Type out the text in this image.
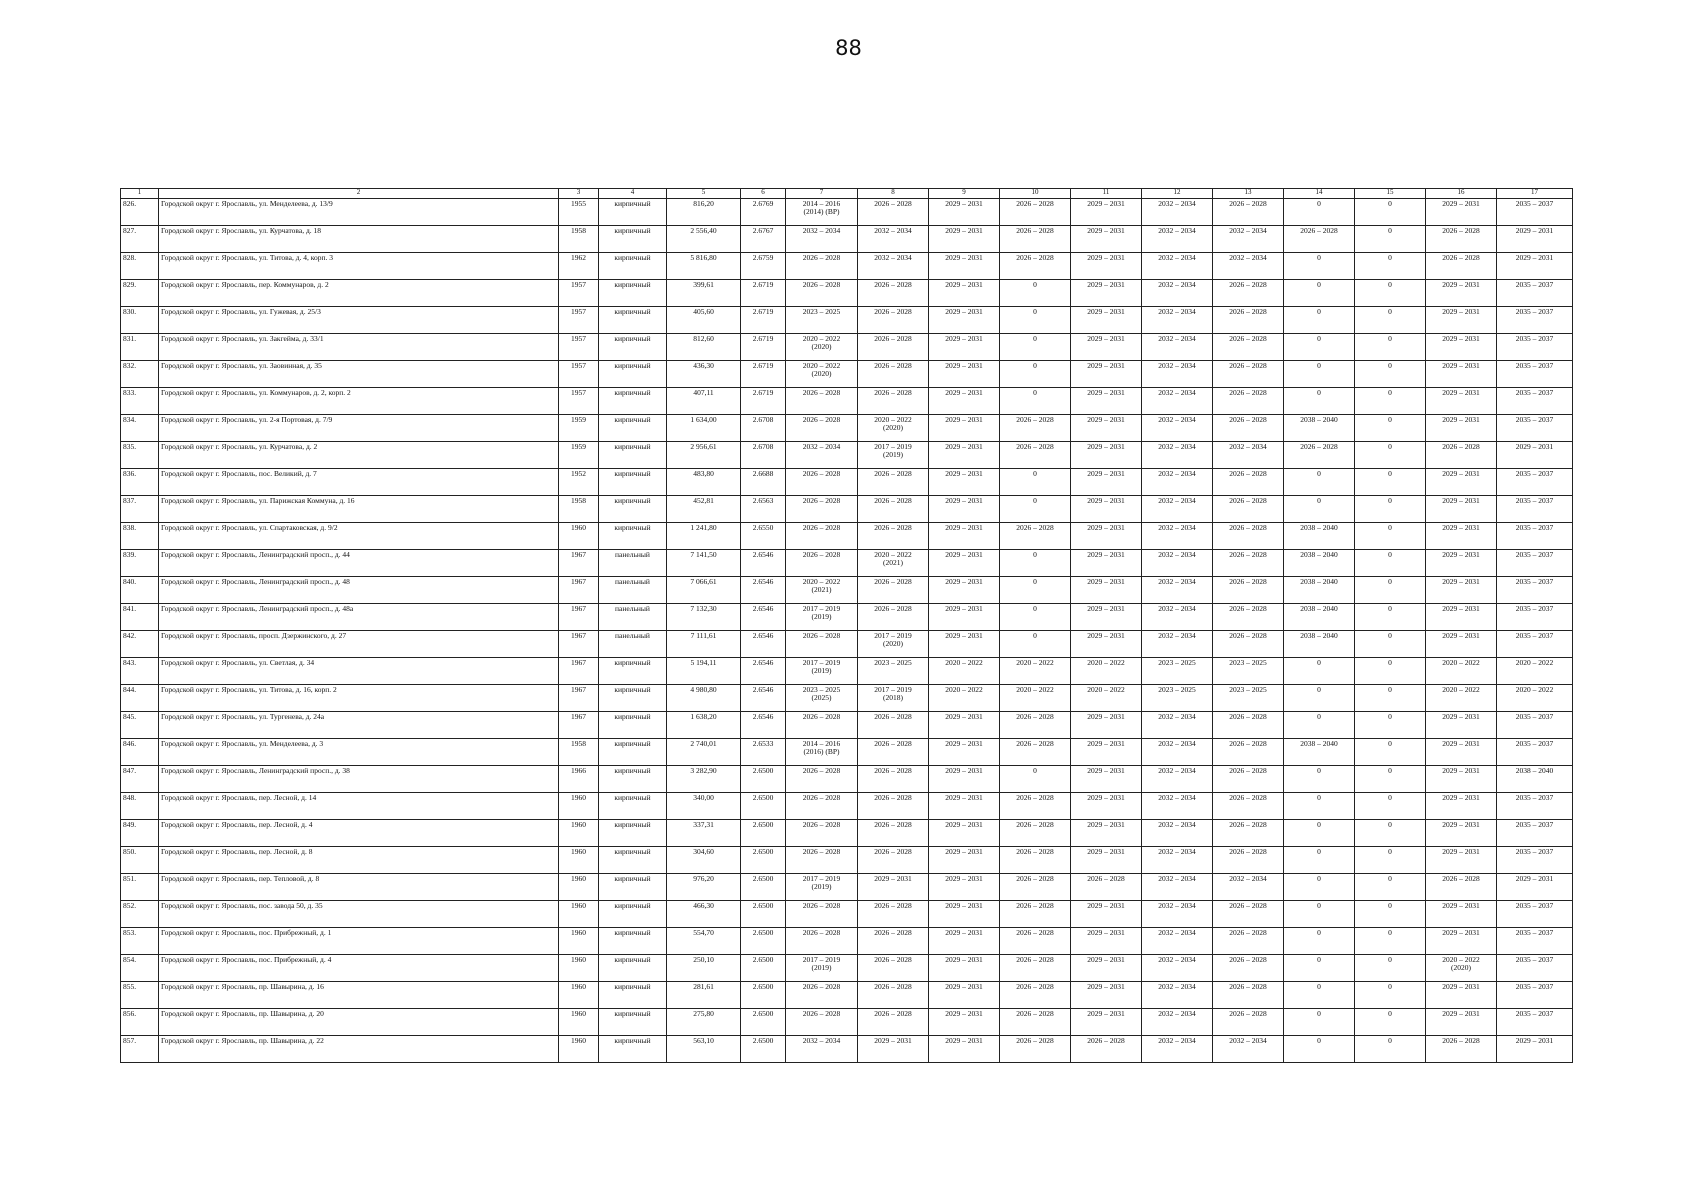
88
1	2	3	4	5	6	7	8	9	10	11	12	13	14	15	16	17
826.	Городской округ г. Ярославль, ул. Менделеева, д. 13/9	1955	кирпичный	816,20	2.6769	2014 – 2016
(2014) (ВР)	2026 – 2028	2029 – 2031	2026 – 2028	2029 – 2031	2032 – 2034	2026 – 2028	0	0	2029 – 2031	2035 – 2037
827.	Городской округ г. Ярославль, ул. Курчатова, д. 18	1958	кирпичный	2 556,40	2.6767	2032 – 2034	2032 – 2034	2029 – 2031	2026 – 2028	2029 – 2031	2032 – 2034	2032 – 2034	2026 – 2028	0	2026 – 2028	2029 – 2031
828.	Городской округ г. Ярославль, ул. Титова, д. 4, корп. 3	1962	кирпичный	5 816,80	2.6759	2026 – 2028	2032 – 2034	2029 – 2031	2026 – 2028	2029 – 2031	2032 – 2034	2032 – 2034	0	0	2026 – 2028	2029 – 2031
829.	Городской округ г. Ярославль, пер. Коммунаров, д. 2	1957	кирпичный	399,61	2.6719	2026 – 2028	2026 – 2028	2029 – 2031	0	2029 – 2031	2032 – 2034	2026 – 2028	0	0	2029 – 2031	2035 – 2037
830.	Городской округ г. Ярославль, ул. Гужевая, д. 25/3	1957	кирпичный	405,60	2.6719	2023 – 2025	2026 – 2028	2029 – 2031	0	2029 – 2031	2032 – 2034	2026 – 2028	0	0	2029 – 2031	2035 – 2037
831.	Городской округ г. Ярославль, ул. Закгейма, д. 33/1	1957	кирпичный	812,60	2.6719	2020 – 2022
(2020)	2026 – 2028	2029 – 2031	0	2029 – 2031	2032 – 2034	2026 – 2028	0	0	2029 – 2031	2035 – 2037
832.	Городской округ г. Ярославль, ул. Заовинная, д. 35	1957	кирпичный	436,30	2.6719	2020 – 2022
(2020)	2026 – 2028	2029 – 2031	0	2029 – 2031	2032 – 2034	2026 – 2028	0	0	2029 – 2031	2035 – 2037
833.	Городской округ г. Ярославль, ул. Коммунаров, д. 2, корп. 2	1957	кирпичный	407,11	2.6719	2026 – 2028	2026 – 2028	2029 – 2031	0	2029 – 2031	2032 – 2034	2026 – 2028	0	0	2029 – 2031	2035 – 2037
834.	Городской округ г. Ярославль, ул. 2-я Портовая, д. 7/9	1959	кирпичный	1 634,00	2.6708	2026 – 2028	2020 – 2022
(2020)	2029 – 2031	2026 – 2028	2029 – 2031	2032 – 2034	2026 – 2028	2038 – 2040	0	2029 – 2031	2035 – 2037
835.	Городской округ г. Ярославль, ул. Курчатова, д. 2	1959	кирпичный	2 956,61	2.6708	2032 – 2034	2017 – 2019
(2019)	2029 – 2031	2026 – 2028	2029 – 2031	2032 – 2034	2032 – 2034	2026 – 2028	0	2026 – 2028	2029 – 2031
836.	Городской округ г. Ярославль, пос. Великий, д. 7	1952	кирпичный	483,80	2.6688	2026 – 2028	2026 – 2028	2029 – 2031	0	2029 – 2031	2032 – 2034	2026 – 2028	0	0	2029 – 2031	2035 – 2037
837.	Городской округ г. Ярославль, ул. Парижская Коммуна, д. 16	1958	кирпичный	452,81	2.6563	2026 – 2028	2026 – 2028	2029 – 2031	0	2029 – 2031	2032 – 2034	2026 – 2028	0	0	2029 – 2031	2035 – 2037
838.	Городской округ г. Ярославль, ул. Спартаковская, д. 9/2	1960	кирпичный	1 241,80	2.6550	2026 – 2028	2026 – 2028	2029 – 2031	2026 – 2028	2029 – 2031	2032 – 2034	2026 – 2028	2038 – 2040	0	2029 – 2031	2035 – 2037
839.	Городской округ г. Ярославль, Ленинградский просп., д. 44	1967	панельный	7 141,50	2.6546	2026 – 2028	2020 – 2022
(2021)	2029 – 2031	0	2029 – 2031	2032 – 2034	2026 – 2028	2038 – 2040	0	2029 – 2031	2035 – 2037
840.	Городской округ г. Ярославль, Ленинградский просп., д. 48	1967	панельный	7 066,61	2.6546	2020 – 2022
(2021)	2026 – 2028	2029 – 2031	0	2029 – 2031	2032 – 2034	2026 – 2028	2038 – 2040	0	2029 – 2031	2035 – 2037
841.	Городской округ г. Ярославль, Ленинградский просп., д. 48а	1967	панельный	7 132,30	2.6546	2017 – 2019
(2019)	2026 – 2028	2029 – 2031	0	2029 – 2031	2032 – 2034	2026 – 2028	2038 – 2040	0	2029 – 2031	2035 – 2037
842.	Городской округ г. Ярославль, просп. Дзержинского, д. 27	1967	панельный	7 111,61	2.6546	2026 – 2028	2017 – 2019
(2020)	2029 – 2031	0	2029 – 2031	2032 – 2034	2026 – 2028	2038 – 2040	0	2029 – 2031	2035 – 2037
843.	Городской округ г. Ярославль, ул. Светлая, д. 34	1967	кирпичный	5 194,11	2.6546	2017 – 2019
(2019)	2023 – 2025	2020 – 2022	2020 – 2022	2020 – 2022	2023 – 2025	2023 – 2025	0	0	2020 – 2022	2020 – 2022
844.	Городской округ г. Ярославль, ул. Титова, д. 16, корп. 2	1967	кирпичный	4 980,80	2.6546	2023 – 2025
(2025)	2017 – 2019
(2018)	2020 – 2022	2020 – 2022	2020 – 2022	2023 – 2025	2023 – 2025	0	0	2020 – 2022	2020 – 2022
845.	Городской округ г. Ярославль, ул. Тургенева, д. 24а	1967	кирпичный	1 638,20	2.6546	2026 – 2028	2026 – 2028	2029 – 2031	2026 – 2028	2029 – 2031	2032 – 2034	2026 – 2028	0	0	2029 – 2031	2035 – 2037
846.	Городской округ г. Ярославль, ул. Менделеева, д. 3	1958	кирпичный	2 740,01	2.6533	2014 – 2016
(2016) (ВР)	2026 – 2028	2029 – 2031	2026 – 2028	2029 – 2031	2032 – 2034	2026 – 2028	2038 – 2040	0	2029 – 2031	2035 – 2037
847.	Городской округ г. Ярославль, Ленинградский просп., д. 38	1966	кирпичный	3 282,90	2.6500	2026 – 2028	2026 – 2028	2029 – 2031	0	2029 – 2031	2032 – 2034	2026 – 2028	0	0	2029 – 2031	2038 – 2040
848.	Городской округ г. Ярославль, пер. Лесной, д. 14	1960	кирпичный	340,00	2.6500	2026 – 2028	2026 – 2028	2029 – 2031	2026 – 2028	2029 – 2031	2032 – 2034	2026 – 2028	0	0	2029 – 2031	2035 – 2037
849.	Городской округ г. Ярославль, пер. Лесной, д. 4	1960	кирпичный	337,31	2.6500	2026 – 2028	2026 – 2028	2029 – 2031	2026 – 2028	2029 – 2031	2032 – 2034	2026 – 2028	0	0	2029 – 2031	2035 – 2037
850.	Городской округ г. Ярославль, пер. Лесной, д. 8	1960	кирпичный	304,60	2.6500	2026 – 2028	2026 – 2028	2029 – 2031	2026 – 2028	2029 – 2031	2032 – 2034	2026 – 2028	0	0	2029 – 2031	2035 – 2037
851.	Городской округ г. Ярославль, пер. Тепловой, д. 8	1960	кирпичный	976,20	2.6500	2017 – 2019
(2019)	2029 – 2031	2029 – 2031	2026 – 2028	2026 – 2028	2032 – 2034	2032 – 2034	0	0	2026 – 2028	2029 – 2031
852.	Городской округ г. Ярославль, пос. завода 50, д. 35	1960	кирпичный	466,30	2.6500	2026 – 2028	2026 – 2028	2029 – 2031	2026 – 2028	2029 – 2031	2032 – 2034	2026 – 2028	0	0	2029 – 2031	2035 – 2037
853.	Городской округ г. Ярославль, пос. Прибрежный, д. 1	1960	кирпичный	554,70	2.6500	2026 – 2028	2026 – 2028	2029 – 2031	2026 – 2028	2029 – 2031	2032 – 2034	2026 – 2028	0	0	2029 – 2031	2035 – 2037
854.	Городской округ г. Ярославль, пос. Прибрежный, д. 4	1960	кирпичный	250,10	2.6500	2017 – 2019
(2019)	2026 – 2028	2029 – 2031	2026 – 2028	2029 – 2031	2032 – 2034	2026 – 2028	0	0	2020 – 2022
(2020)	2035 – 2037
855.	Городской округ г. Ярославль, пр. Шавырина, д. 16	1960	кирпичный	281,61	2.6500	2026 – 2028	2026 – 2028	2029 – 2031	2026 – 2028	2029 – 2031	2032 – 2034	2026 – 2028	0	0	2029 – 2031	2035 – 2037
856.	Городской округ г. Ярославль, пр. Шавырина, д. 20	1960	кирпичный	275,80	2.6500	2026 – 2028	2026 – 2028	2029 – 2031	2026 – 2028	2029 – 2031	2032 – 2034	2026 – 2028	0	0	2029 – 2031	2035 – 2037
857.	Городской округ г. Ярославль, пр. Шавырина, д. 22	1960	кирпичный	563,10	2.6500	2032 – 2034	2029 – 2031	2029 – 2031	2026 – 2028	2026 – 2028	2032 – 2034	2032 – 2034	0	0	2026 – 2028	2029 – 2031
